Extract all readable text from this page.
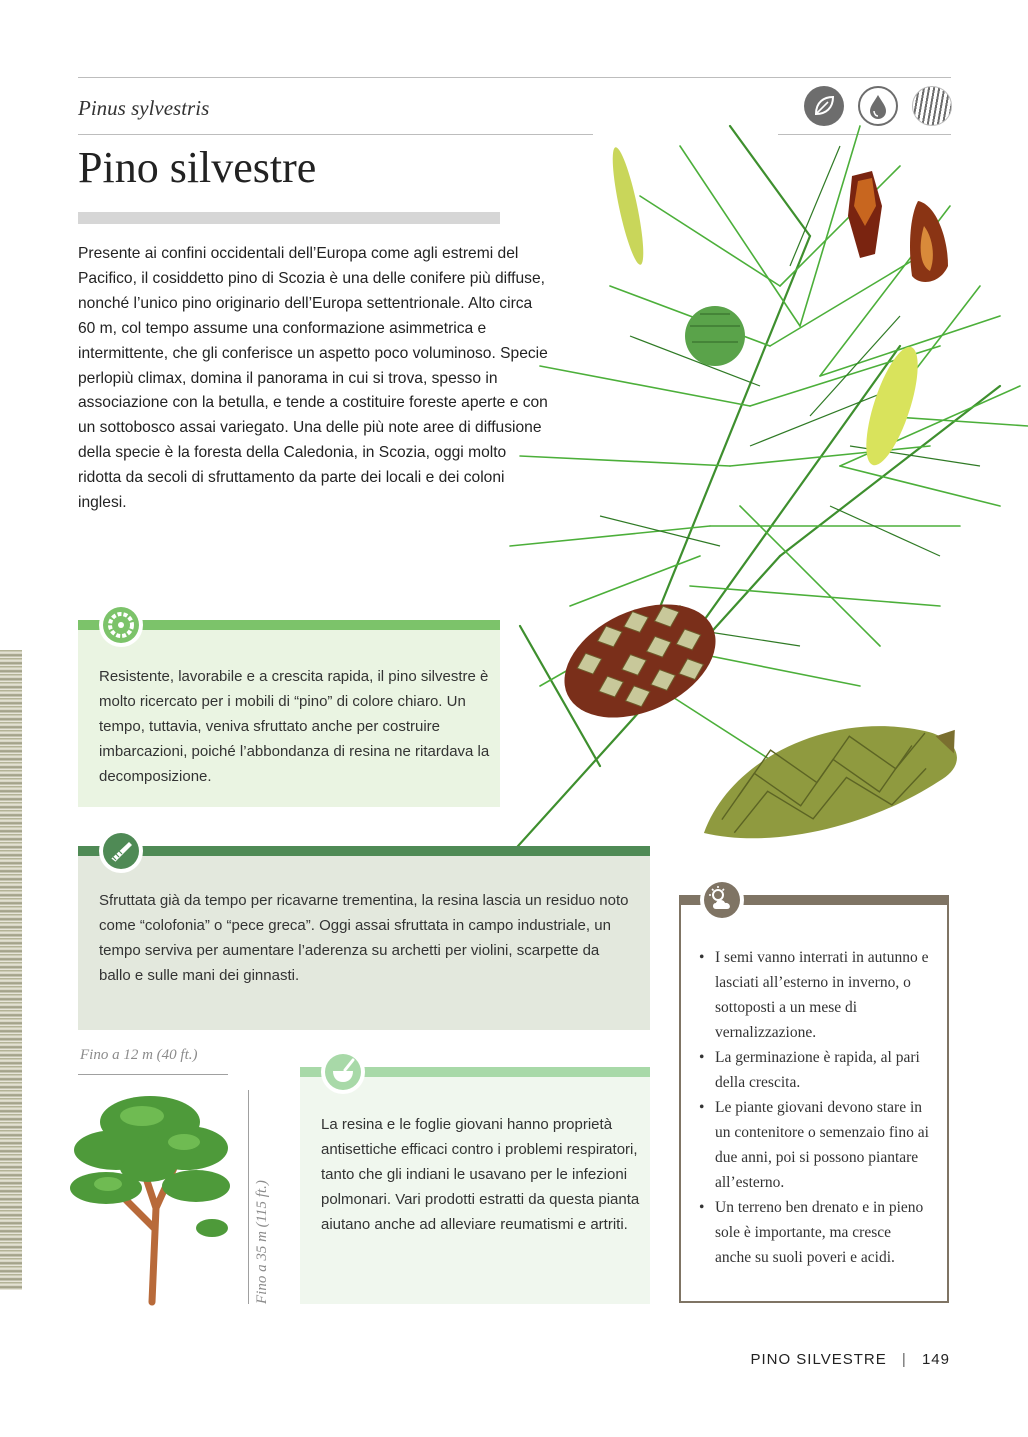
Pinus sylvestris
Pino silvestre
Presente ai confini occidentali dell’Europa come agli estremi del Pacifico, il cosiddetto pino di Scozia è una delle conifere più diffuse, nonché l’unico pino originario dell’Europa settentrionale. Alto circa 60 m, col tempo assume una conformazione asimmetrica e intermittente, che gli conferisce un aspetto poco voluminoso. Specie perlopiù climax, domina il panorama in cui si trova, spesso in associazione con la betulla, e tende a costituire foreste aperte e con un sottobosco assai variegato. Una delle più note aree di diffusione della specie è la foresta della Caledonia, in Scozia, oggi molto ridotta da secoli di sfruttamento da parte dei locali e dei coloni inglesi.
Resistente, lavorabile e a crescita rapida, il pino silvestre è molto ricercato per i mobili di “pino” di colore chiaro. Un tempo, tuttavia, veniva sfruttato anche per costruire imbarcazioni, poiché l’abbondanza di resina ne ritardava la decomposizione.
Sfruttata già da tempo per ricavarne trementina, la resina lascia un residuo noto come “colofonia” o “pece greca”. Oggi assai sfruttata in campo industriale, un tempo serviva per aumentare l’aderenza su archetti per violini, scarpette da ballo e sulle mani dei ginnasti.
Fino a 12 m (40 ft.)
Fino a 35 m (115 ft.)
La resina e le foglie giovani hanno proprietà antisettiche efficaci contro i problemi respiratori, tanto che gli indiani le usavano per le infezioni polmonari. Vari prodotti estratti da questa pianta aiutano anche ad alleviare reumatismi e artriti.
• I semi vanno interrati in autunno e lasciati all’esterno in inverno, o sottoposti a un mese di vernalizzazione.
• La germinazione è rapida, al pari della crescita.
• Le piante giovani devono stare in un contenitore o semenzaio fino ai due anni, poi si possono piantare all’esterno.
• Un terreno ben drenato e in pieno sole è importante, ma cresce anche su suoli poveri e acidi.
PINO SILVESTRE | 149
